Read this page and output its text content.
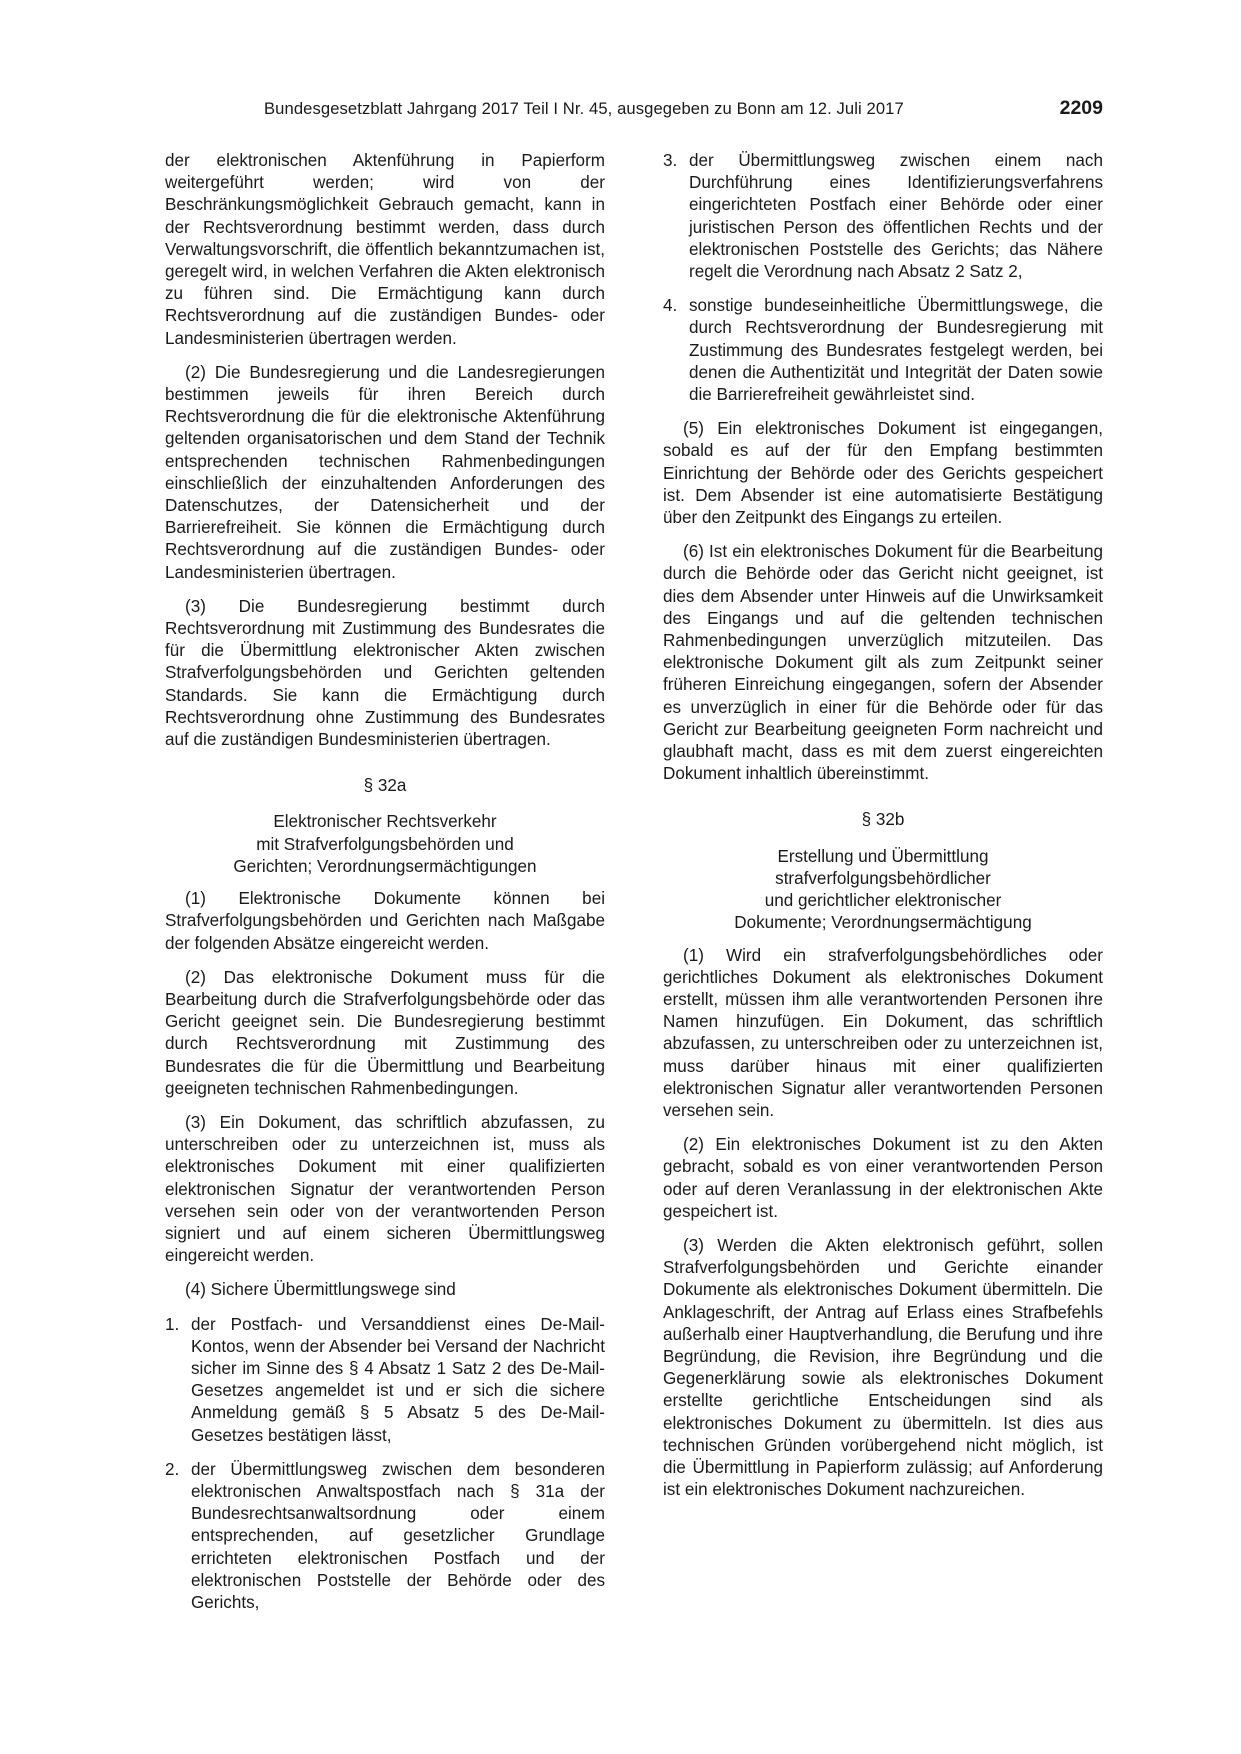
Bundesgesetzblatt Jahrgang 2017 Teil I Nr. 45, ausgegeben zu Bonn am 12. Juli 2017	2209

der elektronischen Aktenführung in Papierform weitergeführt werden; wird von der Beschränkungsmöglichkeit Gebrauch gemacht, kann in der Rechtsverordnung bestimmt werden, dass durch Verwaltungsvorschrift, die öffentlich bekanntzumachen ist, geregelt wird, in welchen Verfahren die Akten elektronisch zu führen sind. Die Ermächtigung kann durch Rechtsverordnung auf die zuständigen Bundes- oder Landesministerien übertragen werden.

(2) Die Bundesregierung und die Landesregierungen bestimmen jeweils für ihren Bereich durch Rechtsverordnung die für die elektronische Aktenführung geltenden organisatorischen und dem Stand der Technik entsprechenden technischen Rahmenbedingungen einschließlich der einzuhaltenden Anforderungen des Datenschutzes, der Datensicherheit und der Barrierefreiheit. Sie können die Ermächtigung durch Rechtsverordnung auf die zuständigen Bundes- oder Landesministerien übertragen.

(3) Die Bundesregierung bestimmt durch Rechtsverordnung mit Zustimmung des Bundesrates die für die Übermittlung elektronischer Akten zwischen Strafverfolgungsbehörden und Gerichten geltenden Standards. Sie kann die Ermächtigung durch Rechtsverordnung ohne Zustimmung des Bundesrates auf die zuständigen Bundesministerien übertragen.

§ 32a
Elektronischer Rechtsverkehr
mit Strafverfolgungsbehörden und
Gerichten; Verordnungsermächtigungen

(1) Elektronische Dokumente können bei Strafverfolgungsbehörden und Gerichten nach Maßgabe der folgenden Absätze eingereicht werden.

(2) Das elektronische Dokument muss für die Bearbeitung durch die Strafverfolgungsbehörde oder das Gericht geeignet sein. Die Bundesregierung bestimmt durch Rechtsverordnung mit Zustimmung des Bundesrates die für die Übermittlung und Bearbeitung geeigneten technischen Rahmenbedingungen.

(3) Ein Dokument, das schriftlich abzufassen, zu unterschreiben oder zu unterzeichnen ist, muss als elektronisches Dokument mit einer qualifizierten elektronischen Signatur der verantwortenden Person versehen sein oder von der verantwortenden Person signiert und auf einem sicheren Übermittlungsweg eingereicht werden.

(4) Sichere Übermittlungswege sind

1. der Postfach- und Versanddienst eines De-Mail-Kontos, wenn der Absender bei Versand der Nachricht sicher im Sinne des § 4 Absatz 1 Satz 2 des De-Mail-Gesetzes angemeldet ist und er sich die sichere Anmeldung gemäß § 5 Absatz 5 des De-Mail-Gesetzes bestätigen lässt,
2. der Übermittlungsweg zwischen dem besonderen elektronischen Anwaltspostfach nach § 31a der Bundesrechtsanwaltsordnung oder einem entsprechenden, auf gesetzlicher Grundlage errichteten elektronischen Postfach und der elektronischen Poststelle der Behörde oder des Gerichts,
3. der Übermittlungsweg zwischen einem nach Durchführung eines Identifizierungsverfahrens eingerichteten Postfach einer Behörde oder einer juristischen Person des öffentlichen Rechts und der elektronischen Poststelle des Gerichts; das Nähere regelt die Verordnung nach Absatz 2 Satz 2,
4. sonstige bundeseinheitliche Übermittlungswege, die durch Rechtsverordnung der Bundesregierung mit Zustimmung des Bundesrates festgelegt werden, bei denen die Authentizität und Integrität der Daten sowie die Barrierefreiheit gewährleistet sind.

(5) Ein elektronisches Dokument ist eingegangen, sobald es auf der für den Empfang bestimmten Einrichtung der Behörde oder des Gerichts gespeichert ist. Dem Absender ist eine automatisierte Bestätigung über den Zeitpunkt des Eingangs zu erteilen.

(6) Ist ein elektronisches Dokument für die Bearbeitung durch die Behörde oder das Gericht nicht geeignet, ist dies dem Absender unter Hinweis auf die Unwirksamkeit des Eingangs und auf die geltenden technischen Rahmenbedingungen unverzüglich mitzuteilen. Das elektronische Dokument gilt als zum Zeitpunkt seiner früheren Einreichung eingegangen, sofern der Absender es unverzüglich in einer für die Behörde oder für das Gericht zur Bearbeitung geeigneten Form nachreicht und glaubhaft macht, dass es mit dem zuerst eingereichten Dokument inhaltlich übereinstimmt.

§ 32b
Erstellung und Übermittlung
strafverfolgungsbehördlicher
und gerichtlicher elektronischer
Dokumente; Verordnungsermächtigung

(1) Wird ein strafverfolgungsbehördliches oder gerichtliches Dokument als elektronisches Dokument erstellt, müssen ihm alle verantwortenden Personen ihre Namen hinzufügen. Ein Dokument, das schriftlich abzufassen, zu unterschreiben oder zu unterzeichnen ist, muss darüber hinaus mit einer qualifizierten elektronischen Signatur aller verantwortenden Personen versehen sein.

(2) Ein elektronisches Dokument ist zu den Akten gebracht, sobald es von einer verantwortenden Person oder auf deren Veranlassung in der elektronischen Akte gespeichert ist.

(3) Werden die Akten elektronisch geführt, sollen Strafverfolgungsbehörden und Gerichte einander Dokumente als elektronisches Dokument übermitteln. Die Anklageschrift, der Antrag auf Erlass eines Strafbefehls außerhalb einer Hauptverhandlung, die Berufung und ihre Begründung, die Revision, ihre Begründung und die Gegenerklärung sowie als elektronisches Dokument erstellte gerichtliche Entscheidungen sind als elektronisches Dokument zu übermitteln. Ist dies aus technischen Gründen vorübergehend nicht möglich, ist die Übermittlung in Papierform zulässig; auf Anforderung ist ein elektronisches Dokument nachzureichen.
